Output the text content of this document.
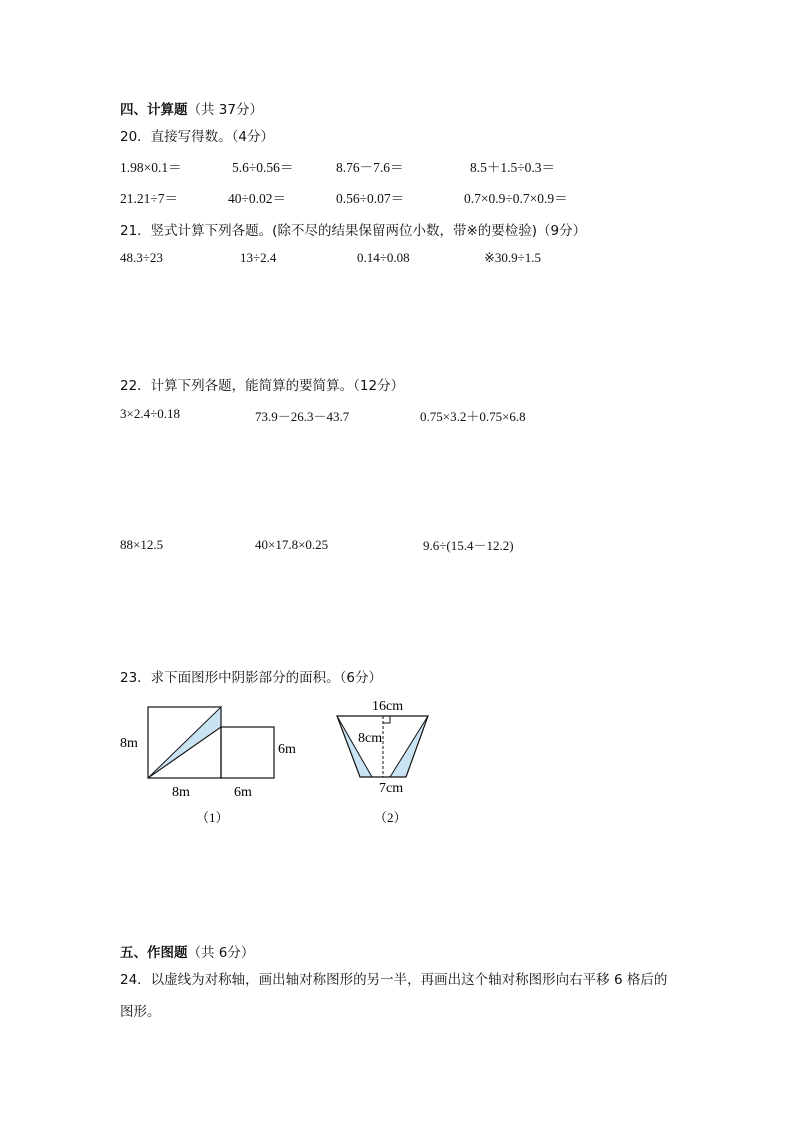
四、计算题（共 37分）
20．直接写得数。（4分）
1.98×0.1＝	5.6÷0.56＝	8.76－7.6＝	8.5＋1.5÷0.3＝
21.21÷7＝	40÷0.02＝	0.56÷0.07＝	0.7×0.9÷0.7×0.9＝
21．竖式计算下列各题。(除不尽的结果保留两位小数，带※的要检验)（9分）
48.3÷23	13÷2.4	0.14÷0.08	※30.9÷1.5
22．计算下列各题，能简算的要简算。（12分）
3×2.4÷0.18	73.9－26.3－43.7	0.75×3.2＋0.75×6.8
88×12.5	40×17.8×0.25	9.6÷(15.4－12.2)
23．求下面图形中阴影部分的面积。（6分）
8m	6m
8m	6m
（1）
16cm
8cm
7cm
（2）
五、作图题（共 6分）
24．以虚线为对称轴，画出轴对称图形的另一半，再画出这个轴对称图形向右平移 6 格后的
图形。
